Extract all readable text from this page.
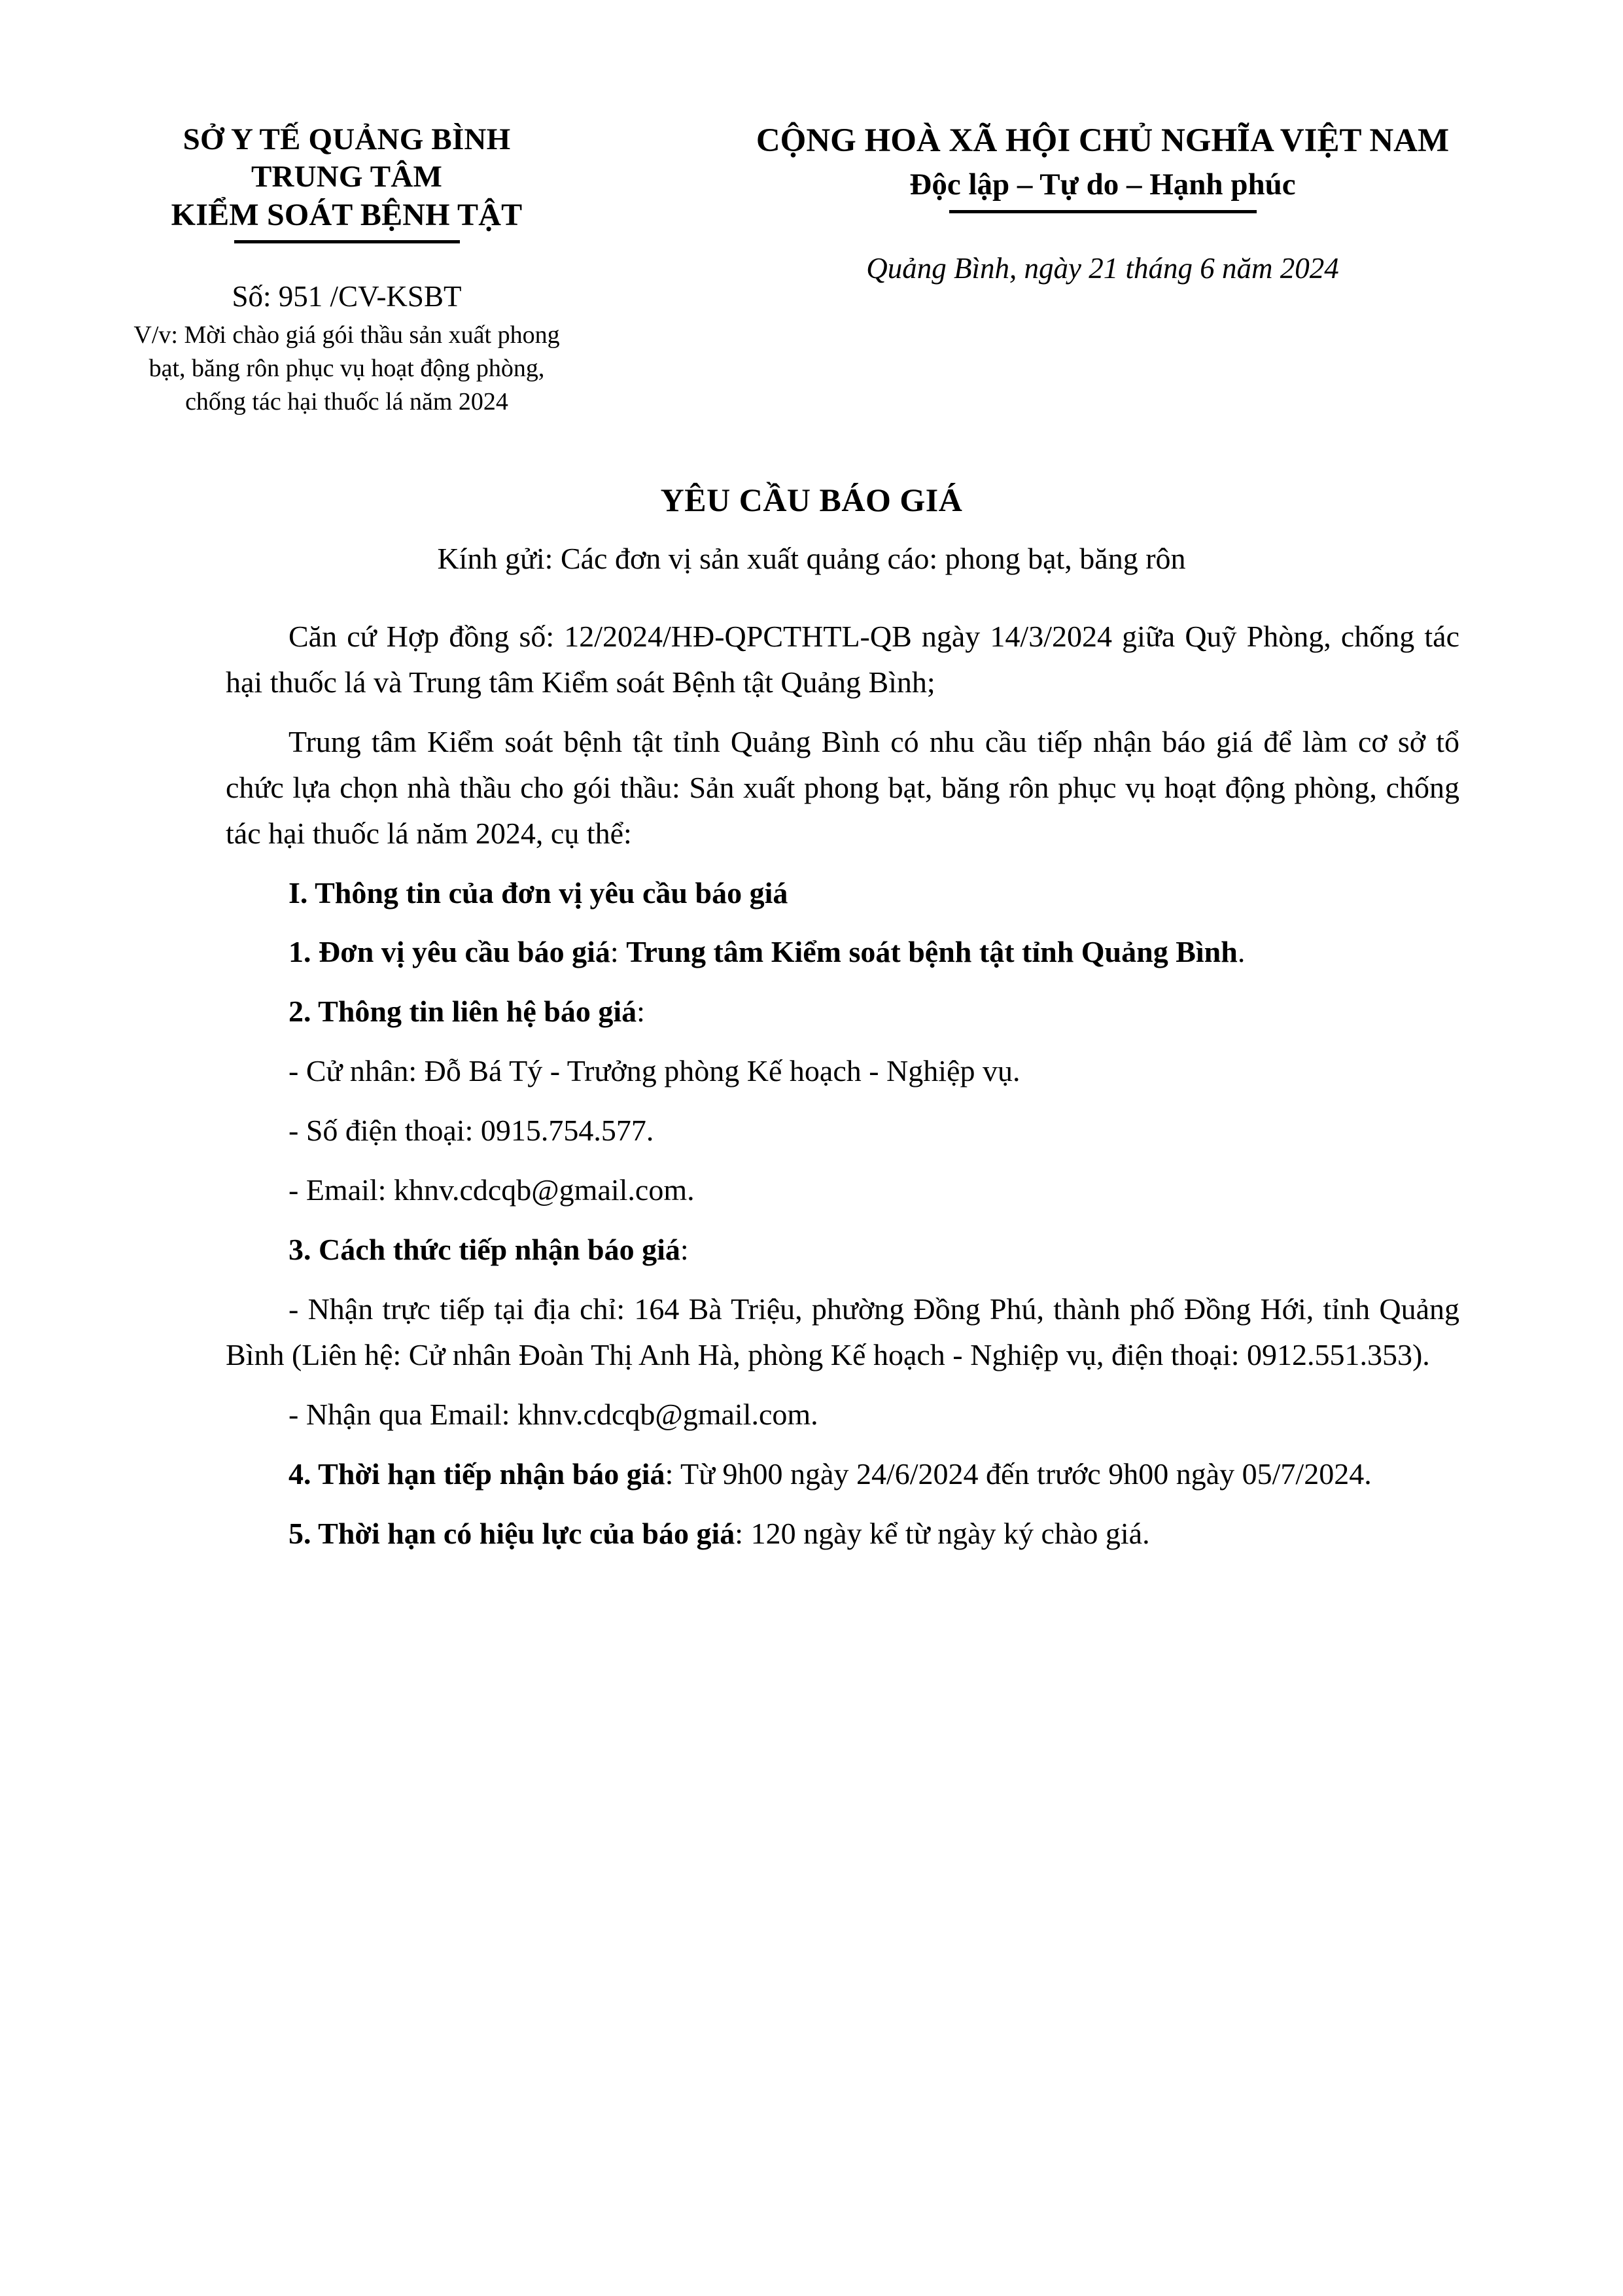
SỞ Y TẾ QUẢNG BÌNH
TRUNG TÂM
KIỂM SOÁT BỆNH TẬT
Số: 951 /CV-KSBT
V/v: Mời chào giá gói thầu sản xuất phong bạt, băng rôn phục vụ hoạt động phòng, chống tác hại thuốc lá năm 2024
CỘNG HOÀ XÃ HỘI CHỦ NGHĨA VIỆT NAM
Độc lập – Tự do – Hạnh phúc
Quảng Bình, ngày 21 tháng 6 năm 2024
YÊU CẦU BÁO GIÁ
Kính gửi: Các đơn vị sản xuất quảng cáo: phong bạt, băng rôn

Căn cứ Hợp đồng số: 12/2024/HĐ-QPCTHTL-QB ngày 14/3/2024 giữa Quỹ Phòng, chống tác hại thuốc lá và Trung tâm Kiểm soát Bệnh tật Quảng Bình;

Trung tâm Kiểm soát bệnh tật tỉnh Quảng Bình có nhu cầu tiếp nhận báo giá để làm cơ sở tổ chức lựa chọn nhà thầu cho gói thầu: Sản xuất phong bạt, băng rôn phục vụ hoạt động phòng, chống tác hại thuốc lá năm 2024, cụ thể:

I. Thông tin của đơn vị yêu cầu báo giá

1. Đơn vị yêu cầu báo giá: Trung tâm Kiểm soát bệnh tật tỉnh Quảng Bình.

2. Thông tin liên hệ báo giá:

- Cử nhân: Đỗ Bá Tý - Trưởng phòng Kế hoạch - Nghiệp vụ.

- Số điện thoại: 0915.754.577.

- Email: khnv.cdcqb@gmail.com.

3. Cách thức tiếp nhận báo giá:

- Nhận trực tiếp tại địa chỉ: 164 Bà Triệu, phường Đồng Phú, thành phố Đồng Hới, tỉnh Quảng Bình (Liên hệ: Cử nhân Đoàn Thị Anh Hà, phòng Kế hoạch - Nghiệp vụ, điện thoại: 0912.551.353).

- Nhận qua Email: khnv.cdcqb@gmail.com.

4. Thời hạn tiếp nhận báo giá: Từ 9h00 ngày 24/6/2024 đến trước 9h00 ngày 05/7/2024.

5. Thời hạn có hiệu lực của báo giá: 120 ngày kể từ ngày ký chào giá.
